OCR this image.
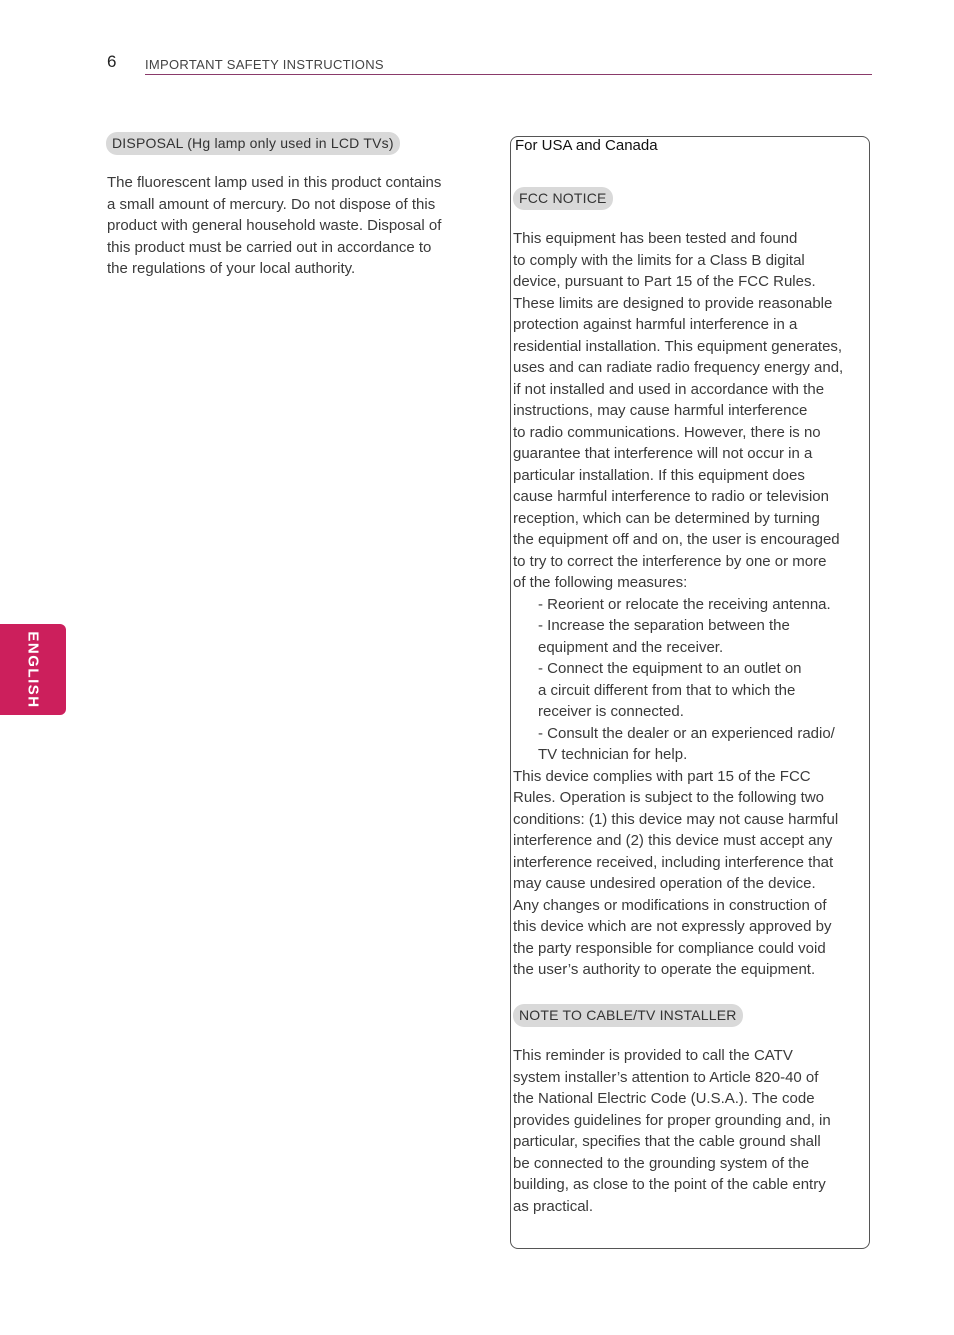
6 IMPORTANT SAFETY INSTRUCTIONS
DISPOSAL (Hg lamp only used in LCD TVs)
The fluorescent lamp used in this product contains
a small amount of mercury. Do not dispose of this
product with general household waste. Disposal of
this product must be carried out in accordance to
the regulations of your local authority.
For USA and Canada
FCC NOTICE
This equipment has been tested and found
to comply with the limits for a Class B digital
device, pursuant to Part 15 of the FCC Rules.
These limits are designed to provide reasonable
protection against harmful interference in a
residential installation. This equipment generates,
uses and can radiate radio frequency energy and,
if not installed and used in accordance with the
instructions, may cause harmful interference
to radio communications. However, there is no
guarantee that interference will not occur in a
particular installation. If this equipment does
cause harmful interference to radio or television
reception, which can be determined by turning
the equipment off and on, the user is encouraged
to try to correct the interference by one or more
of the following measures:
- Reorient or relocate the receiving antenna.
- Increase the separation between the
equipment and the receiver.
- Connect the equipment to an outlet on
a circuit different from that to which the
receiver is connected.
- Consult the dealer or an experienced radio/
TV technician for help.
This device complies with part 15 of the FCC
Rules. Operation is subject to the following two
conditions: (1) this device may not cause harmful
interference and (2) this device must accept any
interference received, including interference that
may cause undesired operation of the device.
Any changes or modifications in construction of
this device which are not expressly approved by
the party responsible for compliance could void
the user’s authority to operate the equipment.
NOTE TO CABLE/TV INSTALLER
This reminder is provided to call the CATV
system installer’s attention to Article 820-40 of
the National Electric Code (U.S.A.). The code
provides guidelines for proper grounding and, in
particular, specifies that the cable ground shall
be connected to the grounding system of the
building, as close to the point of the cable entry
as practical.
ENGLISH
